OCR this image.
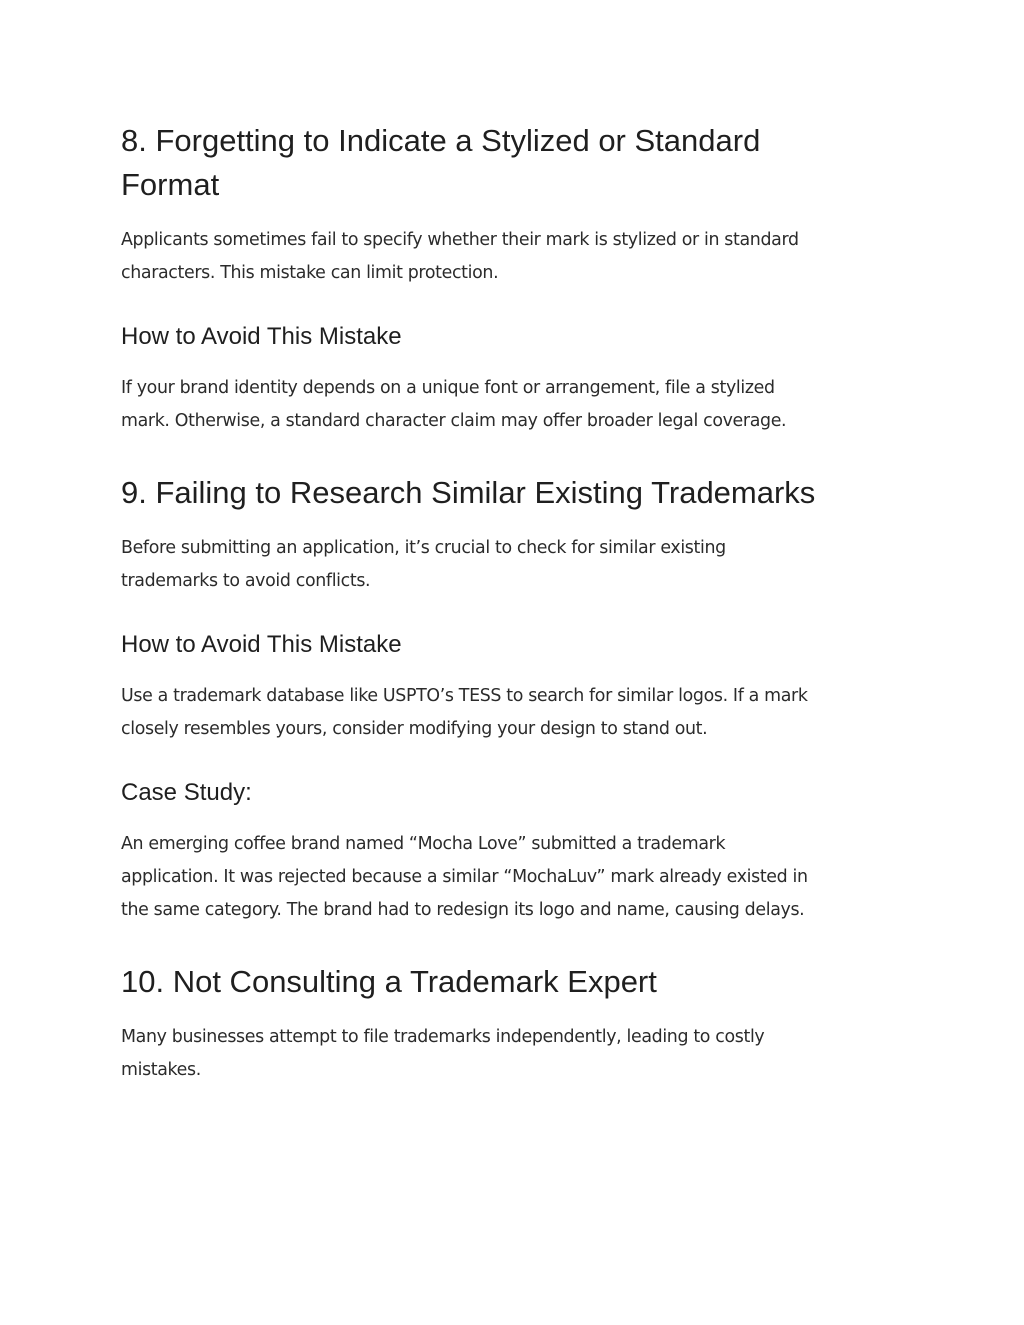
8. Forgetting to Indicate a Stylized or Standard
Format

Applicants sometimes fail to specify whether their mark is stylized or in standard
characters. This mistake can limit protection.

How to Avoid This Mistake

If your brand identity depends on a unique font or arrangement, file a stylized
mark. Otherwise, a standard character claim may offer broader legal coverage.

9. Failing to Research Similar Existing Trademarks

Before submitting an application, it’s crucial to check for similar existing
trademarks to avoid conflicts.

How to Avoid This Mistake

Use a trademark database like USPTO’s TESS to search for similar logos. If a mark
closely resembles yours, consider modifying your design to stand out.

Case Study:

An emerging coffee brand named “Mocha Love” submitted a trademark
application. It was rejected because a similar “MochaLuv” mark already existed in
the same category. The brand had to redesign its logo and name, causing delays.

10. Not Consulting a Trademark Expert

Many businesses attempt to file trademarks independently, leading to costly
mistakes.
